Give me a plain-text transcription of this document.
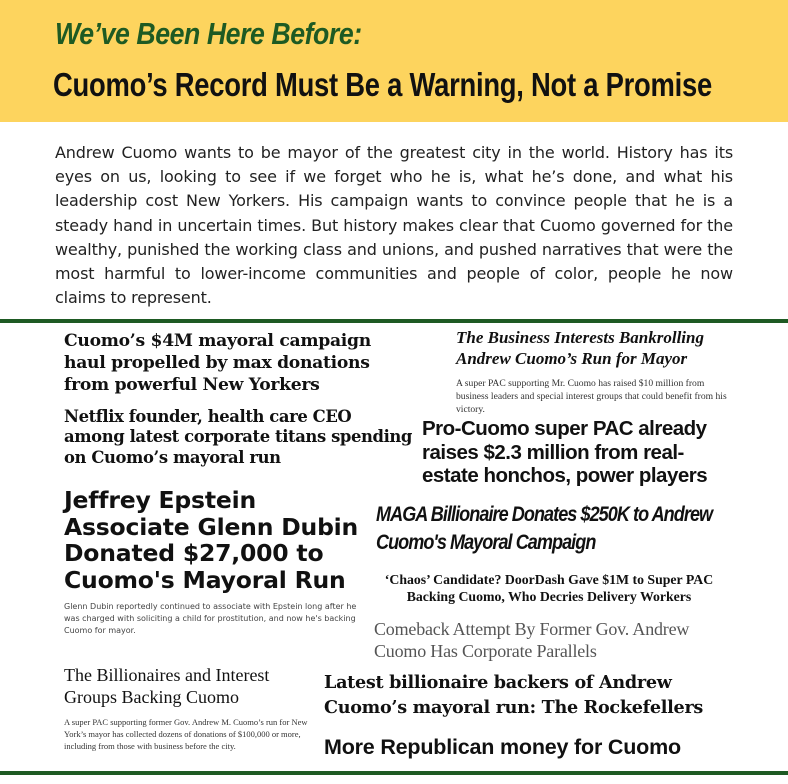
We’ve Been Here Before:
Cuomo’s Record Must Be a Warning, Not a Promise

Andrew Cuomo wants to be mayor of the greatest city in the world. History has its eyes on us, looking to see if we forget who he is, what he’s done, and what his leadership cost New Yorkers. His campaign wants to convince people that he is a steady hand in uncertain times. But history makes clear that Cuomo governed for the wealthy, punished the working class and unions, and pushed narratives that were the most harmful to lower-income communities and people of color, people he now claims to represent.

Cuomo’s $4M mayoral campaign haul propelled by max donations from powerful New Yorkers
The Business Interests Bankrolling Andrew Cuomo’s Run for Mayor

A super PAC supporting Mr. Cuomo has raised $10 million from business leaders and special interest groups that could benefit from his victory.

Netflix founder, health care CEO among latest corporate titans spending on Cuomo’s mayoral run
Pro-Cuomo super PAC already raises $2.3 million from real-estate honchos, power players
Jeffrey Epstein Associate Glenn Dubin Donated $27,000 to Cuomo's Mayoral Run

Glenn Dubin reportedly continued to associate with Epstein long after he was charged with soliciting a child for prostitution, and now he's backing Cuomo for mayor.

MAGA Billionaire Donates $250K to Andrew Cuomo's Mayoral Campaign
‘Chaos’ Candidate? DoorDash Gave $1M to Super PAC Backing Cuomo, Who Decries Delivery Workers
Comeback Attempt By Former Gov. Andrew Cuomo Has Corporate Parallels
The Billionaires and Interest Groups Backing Cuomo

A super PAC supporting former Gov. Andrew M. Cuomo’s run for New York’s mayor has collected dozens of donations of $100,000 or more, including from those with business before the city.

Latest billionaire backers of Andrew Cuomo’s mayoral run: The Rockefellers
More Republican money for Cuomo
